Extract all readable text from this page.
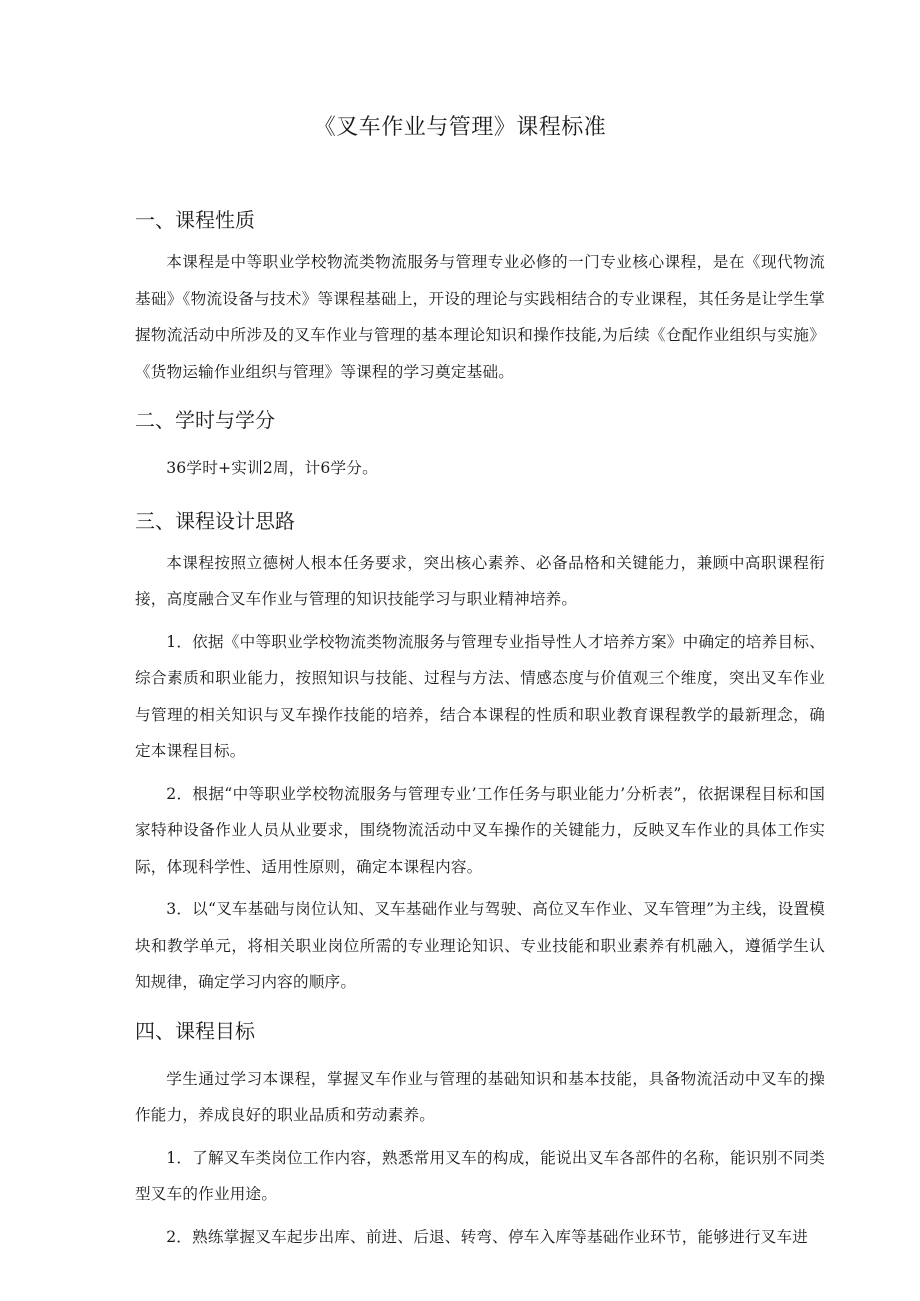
《叉车作业与管理》课程标准
一、课程性质

本课程是中等职业学校物流类物流服务与管理专业必修的一门专业核心课程，是在《现代物流基础》《物流设备与技术》等课程基础上，开设的理论与实践相结合的专业课程，其任务是让学生掌握物流活动中所涉及的叉车作业与管理的基本理论知识和操作技能,为后续《仓配作业组织与实施》《货物运输作业组织与管理》等课程的学习奠定基础。

二、学时与学分

36学时+实训2周，计6学分。

三、课程设计思路

本课程按照立德树人根本任务要求，突出核心素养、必备品格和关键能力，兼顾中高职课程衔接，高度融合叉车作业与管理的知识技能学习与职业精神培养。

1．依据《中等职业学校物流类物流服务与管理专业指导性人才培养方案》中确定的培养目标、综合素质和职业能力，按照知识与技能、过程与方法、情感态度与价值观三个维度，突出叉车作业与管理的相关知识与叉车操作技能的培养，结合本课程的性质和职业教育课程教学的最新理念，确定本课程目标。

2．根据“中等职业学校物流服务与管理专业’工作任务与职业能力’分析表”，依据课程目标和国家特种设备作业人员从业要求，围绕物流活动中叉车操作的关键能力，反映叉车作业的具体工作实际，体现科学性、适用性原则，确定本课程内容。

3．以“叉车基础与岗位认知、叉车基础作业与驾驶、高位叉车作业、叉车管理”为主线，设置模块和教学单元，将相关职业岗位所需的专业理论知识、专业技能和职业素养有机融入，遵循学生认知规律，确定学习内容的顺序。

四、课程目标

学生通过学习本课程，掌握叉车作业与管理的基础知识和基本技能，具备物流活动中叉车的操作能力，养成良好的职业品质和劳动素养。

1．了解叉车类岗位工作内容，熟悉常用叉车的构成，能说出叉车各部件的名称，能识别不同类型叉车的作业用途。

2．熟练掌握叉车起步出库、前进、后退、转弯、停车入库等基础作业环节，能够进行叉车进
